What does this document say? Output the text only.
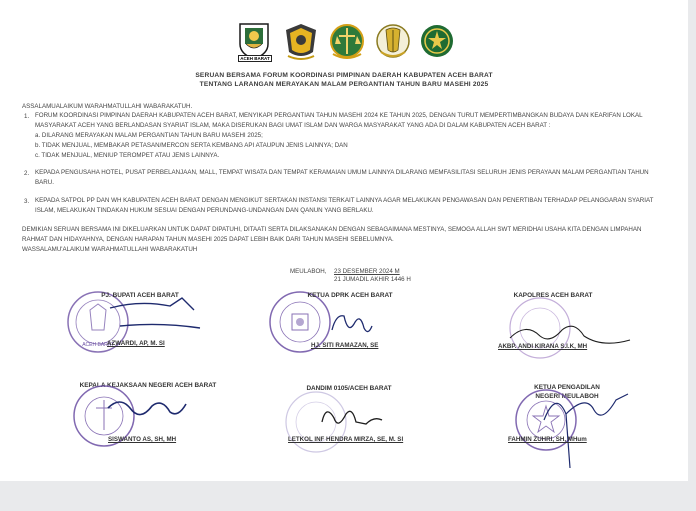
ACEH BARAT
SERUAN BERSAMA FORUM KOORDINASI PIMPINAN DAERAH KABUPATEN ACEH BARAT
TENTANG LARANGAN MERAYAKAN MALAM PERGANTIAN TAHUN BARU MASEHI 2025
ASSALAMUALAIKUM WARAHMATULLAHI WABARAKATUH.
1. FORUM KOORDINASI PIMPINAN DAERAH KABUPATEN ACEH BARAT, MENYIKAPI PERGANTIAN TAHUN MASEHI 2024 KE TAHUN 2025, DENGAN TURUT MEMPERTIMBANGKAN BUDAYA DAN KEARIFAN LOKAL
MASYARAKAT ACEH YANG BERLANDASAN SYARIAT ISLAM, MAKA DISERUKAN BAGI UMAT ISLAM DAN WARGA MASYARAKAT YANG ADA DI DALAM KABUPATEN ACEH BARAT :
a. DILARANG MERAYAKAN MALAM PERGANTIAN TAHUN BARU MASEHI 2025;
b. TIDAK MENJUAL, MEMBAKAR PETASAN/MERCON SERTA KEMBANG API ATAUPUN JENIS LAINNYA; DAN
c. TIDAK MENJUAL, MENIUP TEROMPET ATAU JENIS LAINNYA.
2. KEPADA PENGUSAHA HOTEL, PUSAT PERBELANJAAN, MALL, TEMPAT WISATA DAN TEMPAT KERAMAIAN UMUM LAINNYA DILARANG MEMFASILITASI SELURUH JENIS PERAYAAN MALAM PERGANTIAN TAHUN
BARU.
3. KEPADA SATPOL PP DAN WH KABUPATEN ACEH BARAT DENGAN MENGIKUT SERTAKAN INSTANSI TERKAIT LAINNYA AGAR MELAKUKAN PENGAWASAN DAN PENERTIBAN TERHADAP PELANGGARAN SYARIAT
ISLAM, MELAKUKAN TINDAKAN HUKUM SESUAI DENGAN PERUNDANG-UNDANGAN DAN QANUN YANG BERLAKU.
DEMIKIAN SERUAN BERSAMA INI DIKELUARKAN UNTUK DAPAT DIPATUHI, DITAATI SERTA DILAKSANAKAN DENGAN SEBAGAIMANA MESTINYA, SEMOGA ALLAH SWT MERIDHAI USAHA KITA DENGAN LIMPAHAN
RAHMAT DAN HIDAYAHNYA, DENGAN HARAPAN TAHUN MASEHI 2025 DAPAT LEBIH BAIK DARI TAHUN MASEHI SEBELUMNYA.
WASSALAMU'ALAIKUM WARAHMATULLAHI WABARAKATUH
MEULABOH, 23 DESEMBER 2024 M
21 JUMADIL AKHIR 1446 H
ACEH BARAT
PJ. BUPATI ACEH BARAT
AZWARDI, AP, M. SI
KETUA DPRK ACEH BARAT
HJ. SITI RAMAZAN, SE
KAPOLRES ACEH BARAT
AKBP. ANDI KIRANA S.I.K, MH
KEPALA KEJAKSAAN NEGERI ACEH BARAT
SISWANTO AS, SH, MH
DANDIM 0105/ACEH BARAT
LETKOL INF HENDRA MIRZA, SE, M. SI
KETUA PENGADILAN
NEGERI MEULABOH
FAHMIN ZUHRI, SH, MHum
